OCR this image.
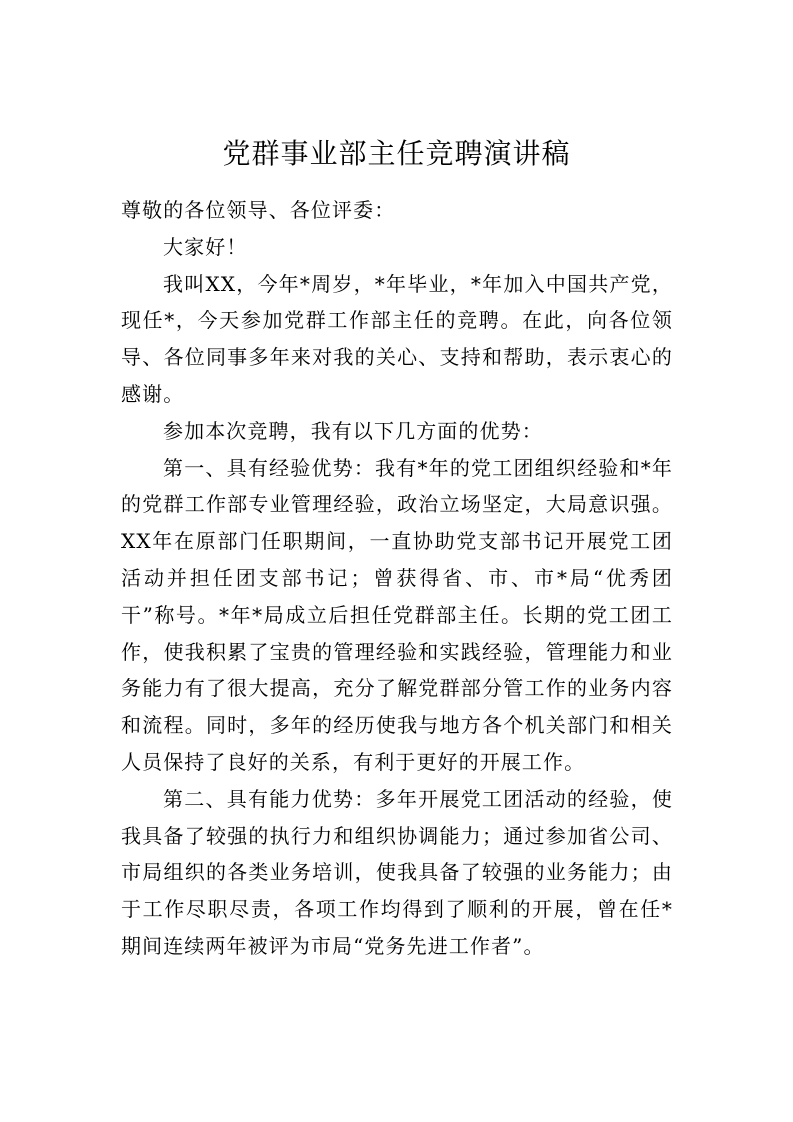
党群事业部主任竞聘演讲稿

尊敬的各位领导、各位评委：

大家好！

我叫XX，今年*周岁，*年毕业，*年加入中国共产党，现任*，今天参加党群工作部主任的竞聘。在此，向各位领导、各位同事多年来对我的关心、支持和帮助，表示衷心的感谢。

参加本次竞聘，我有以下几方面的优势：

第一、具有经验优势：我有*年的党工团组织经验和*年的党群工作部专业管理经验，政治立场坚定，大局意识强。XX年在原部门任职期间，一直协助党支部书记开展党工团活动并担任团支部书记；曾获得省、市、市*局“优秀团干”称号。*年*局成立后担任党群部主任。长期的党工团工作，使我积累了宝贵的管理经验和实践经验，管理能力和业务能力有了很大提高，充分了解党群部分管工作的业务内容和流程。同时，多年的经历使我与地方各个机关部门和相关人员保持了良好的关系，有利于更好的开展工作。

第二、具有能力优势：多年开展党工团活动的经验，使我具备了较强的执行力和组织协调能力；通过参加省公司、市局组织的各类业务培训，使我具备了较强的业务能力；由于工作尽职尽责，各项工作均得到了顺利的开展，曾在任*期间连续两年被评为市局“党务先进工作者”。
